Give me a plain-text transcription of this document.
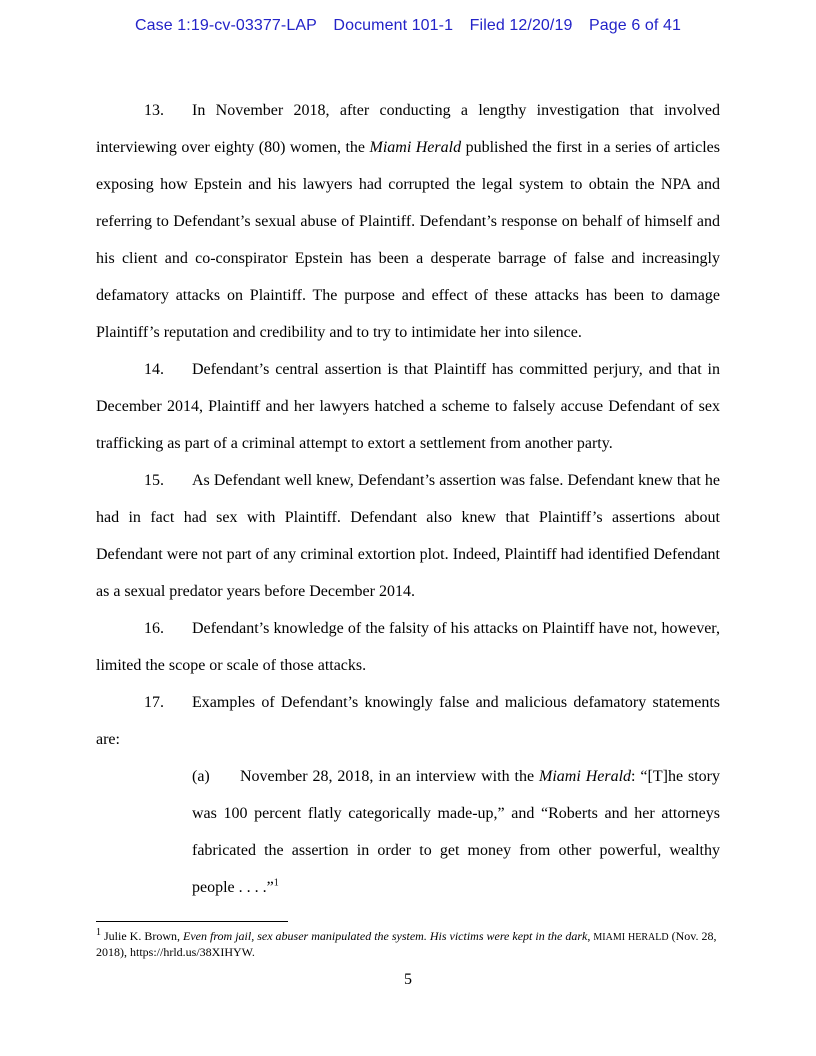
Case 1:19-cv-03377-LAP Document 101-1 Filed 12/20/19 Page 6 of 41

13. In November 2018, after conducting a lengthy investigation that involved interviewing over eighty (80) women, the Miami Herald published the first in a series of articles exposing how Epstein and his lawyers had corrupted the legal system to obtain the NPA and referring to Defendant’s sexual abuse of Plaintiff. Defendant’s response on behalf of himself and his client and co-conspirator Epstein has been a desperate barrage of false and increasingly defamatory attacks on Plaintiff. The purpose and effect of these attacks has been to damage Plaintiff’s reputation and credibility and to try to intimidate her into silence.

14. Defendant’s central assertion is that Plaintiff has committed perjury, and that in December 2014, Plaintiff and her lawyers hatched a scheme to falsely accuse Defendant of sex trafficking as part of a criminal attempt to extort a settlement from another party.

15. As Defendant well knew, Defendant’s assertion was false. Defendant knew that he had in fact had sex with Plaintiff. Defendant also knew that Plaintiff’s assertions about Defendant were not part of any criminal extortion plot. Indeed, Plaintiff had identified Defendant as a sexual predator years before December 2014.

16. Defendant’s knowledge of the falsity of his attacks on Plaintiff have not, however, limited the scope or scale of those attacks.

17. Examples of Defendant’s knowingly false and malicious defamatory statements are:

(a) November 28, 2018, in an interview with the Miami Herald: “[T]he story was 100 percent flatly categorically made-up,” and “Roberts and her attorneys fabricated the assertion in order to get money from other powerful, wealthy people . . . .”$^1$

$^1$ Julie K. Brown, Even from jail, sex abuser manipulated the system. His victims were kept in the dark, MIAMI HERALD (Nov. 28, 2018), https://hrld.us/38XIHYW.
5
